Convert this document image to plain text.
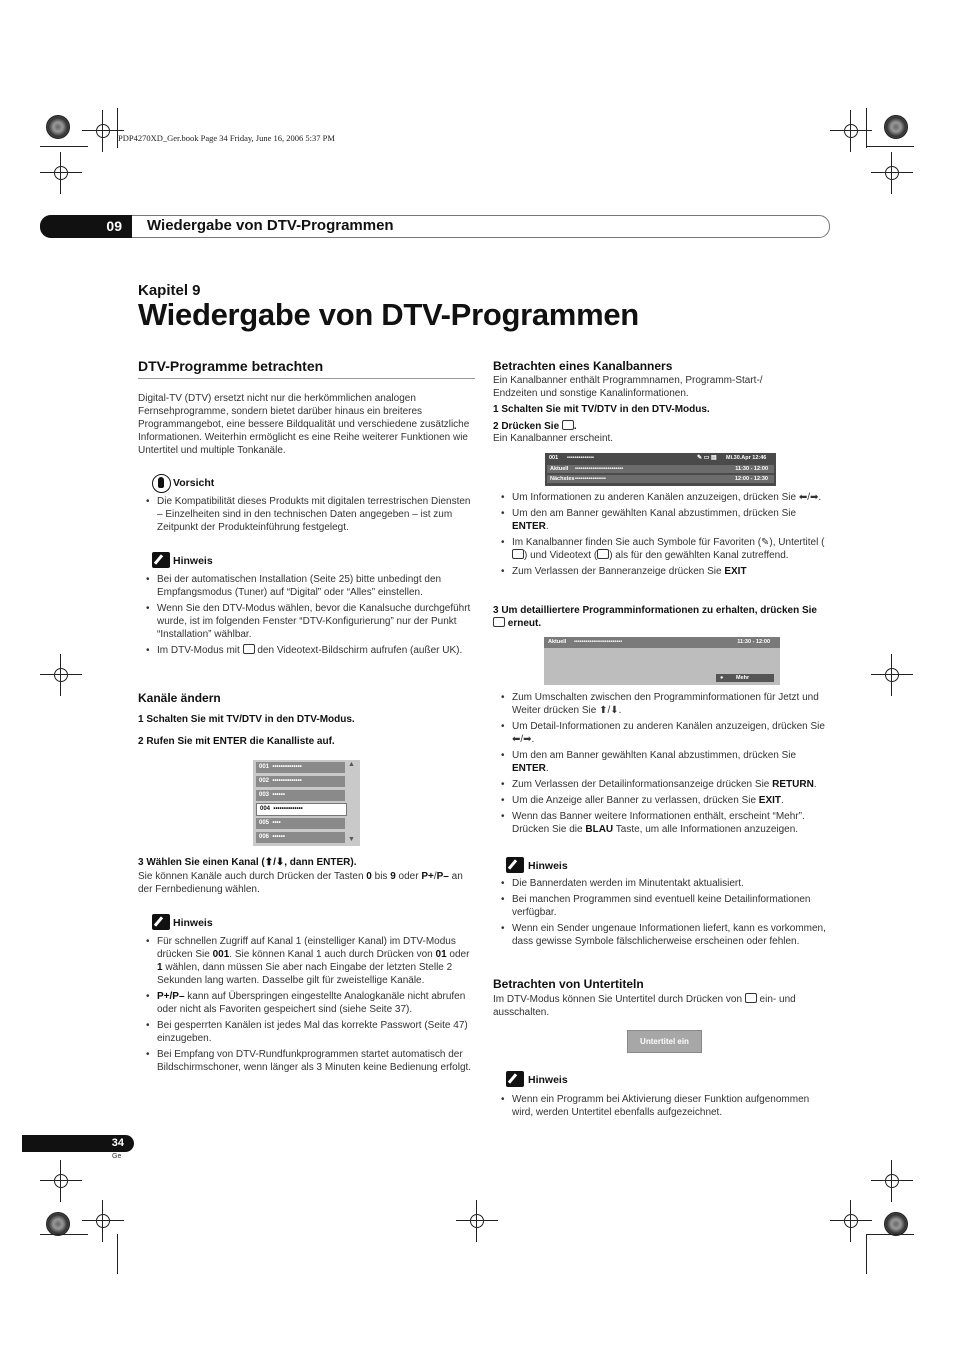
PDP4270XD_Ger.book Page 34 Friday, June 16, 2006 5:37 PM
09 Wiedergabe von DTV-Programmen
Kapitel 9
Wiedergabe von DTV-Programmen
DTV-Programme betrachten
Digital-TV (DTV) ersetzt nicht nur die herkömmlichen analogen Fernsehprogramme, sondern bietet darüber hinaus ein breiteres Programmangebot, eine bessere Bildqualität und verschiedene zusätzliche Informationen. Weiterhin ermöglicht es eine Reihe weiterer Funktionen wie Untertitel und multiple Tonkanäle.
Vorsicht
• Die Kompatibilität dieses Produkts mit digitalen terrestrischen Diensten – Einzelheiten sind in den technischen Daten angegeben – ist zum Zeitpunkt der Produkteinführung festgelegt.
Hinweis
• Bei der automatischen Installation (Seite 25) bitte unbedingt den Empfangsmodus (Tuner) auf “Digital” oder “Alles” einstellen.
• Wenn Sie den DTV-Modus wählen, bevor die Kanalsuche durchgeführt wurde, ist im folgenden Fenster “DTV-Konfigurierung” nur der Punkt “Installation” wählbar.
• Im DTV-Modus mit den Videotext-Bildschirm aufrufen (außer UK).
Kanäle ändern
1 Schalten Sie mit TV/DTV in den DTV-Modus.
2 Rufen Sie mit ENTER die Kanalliste auf.
001 ••••••••••••••
002 ••••••••••••••
003 ••••••
004 ••••••••••••••
005 ••••
006 ••••••
▲
▼
3 Wählen Sie einen Kanal (⬆/⬇, dann ENTER).
Sie können Kanäle auch durch Drücken der Tasten 0 bis 9 oder P+/P– an der Fernbedienung wählen.
Hinweis
• Für schnellen Zugriff auf Kanal 1 (einstelliger Kanal) im DTV-Modus drücken Sie 001. Sie können Kanal 1 auch durch Drücken von 01 oder 1 wählen, dann müssen Sie aber nach Eingabe der letzten Stelle 2 Sekunden lang warten. Dasselbe gilt für zweistellige Kanäle.
• P+/P– kann auf Überspringen eingestellte Analogkanäle nicht abrufen oder nicht als Favoriten gespeichert sind (siehe Seite 37).
• Bei gesperrten Kanälen ist jedes Mal das korrekte Passwort (Seite 47) einzugeben.
• Bei Empfang von DTV-Rundfunkprogrammen startet automatisch der Bildschirmschoner, wenn länger als 3 Minuten keine Bedienung erfolgt.
Betrachten eines Kanalbanners
Ein Kanalbanner enthält Programmnamen, Programm-Start-/ Endzeiten und sonstige Kanalinformationen.
1 Schalten Sie mit TV/DTV in den DTV-Modus.
2 Drücken Sie .
Ein Kanalbanner erscheint.
001 ••••••••••••••	✎ ▭ ▤ Mi.30.Apr 12:46
Aktuell •••••••••••••••••••••••••	11:30 - 12:00
Nächstes ••••••••••••••••	12:00 - 12:30
• Um Informationen zu anderen Kanälen anzuzeigen, drücken Sie ⬅/➡.
• Um den am Banner gewählten Kanal abzustimmen, drücken Sie ENTER.
• Im Kanalbanner finden Sie auch Symbole für Favoriten (✎), Untertitel () und Videotext ( ) als für den gewählten Kanal zutreffend.
• Zum Verlassen der Banneranzeige drücken Sie EXIT
3 Um detailliertere Programminformationen zu erhalten, drücken Sie  erneut.
Aktuell •••••••••••••••••••••••••	11:30 - 12:00
● Mehr
• Zum Umschalten zwischen den Programminformationen für Jetzt und Weiter drücken Sie ⬆/⬇.
• Um Detail-Informationen zu anderen Kanälen anzuzeigen, drücken Sie ⬅/➡.
• Um den am Banner gewählten Kanal abzustimmen, drücken Sie ENTER.
• Zum Verlassen der Detailinformationsanzeige drücken Sie RETURN.
• Um die Anzeige aller Banner zu verlassen, drücken Sie EXIT.
• Wenn das Banner weitere Informationen enthält, erscheint “Mehr”. Drücken Sie die BLAU Taste, um alle Informationen anzuzeigen.
Hinweis
• Die Bannerdaten werden im Minutentakt aktualisiert.
• Bei manchen Programmen sind eventuell keine Detailinformationen verfügbar.
• Wenn ein Sender ungenaue Informationen liefert, kann es vorkommen, dass gewisse Symbole fälschlicherweise erscheinen oder fehlen.
Betrachten von Untertiteln
Im DTV-Modus können Sie Untertitel durch Drücken von  ein- und ausschalten.
Untertitel ein
Hinweis
• Wenn ein Programm bei Aktivierung dieser Funktion aufgenommen wird, werden Untertitel ebenfalls aufgezeichnet.
34
Ge
